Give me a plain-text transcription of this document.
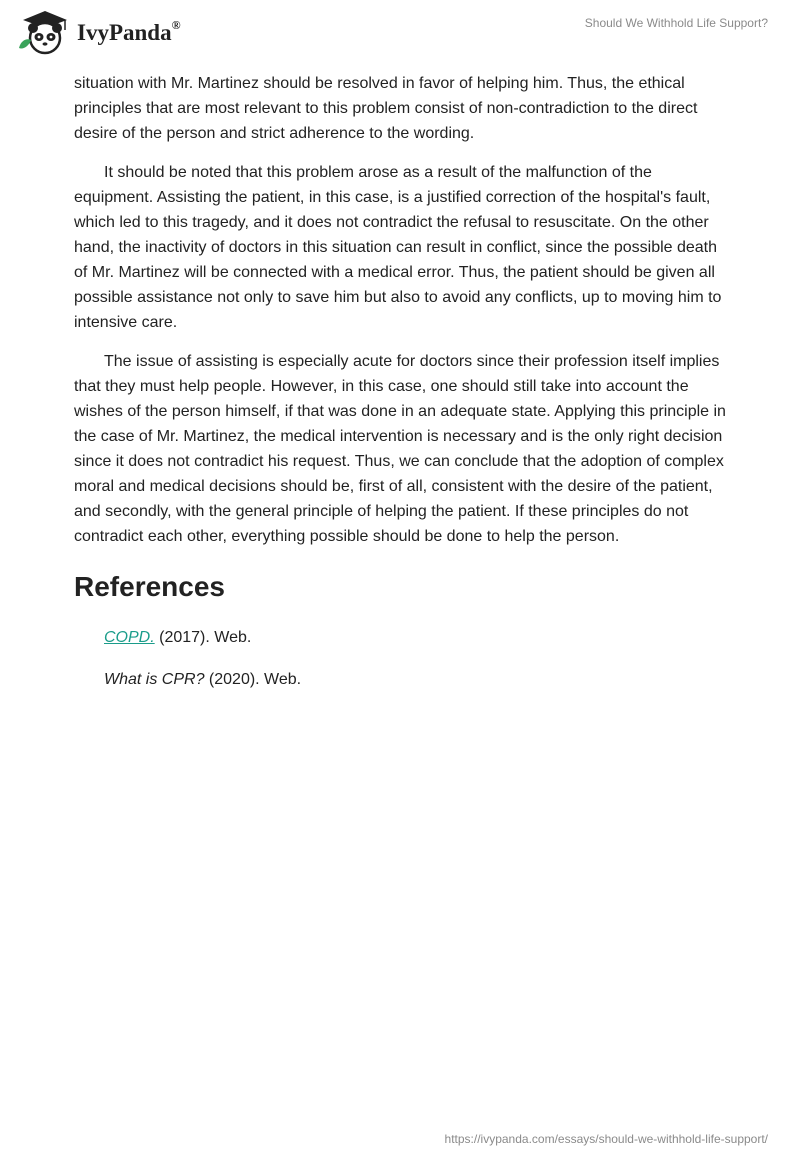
IvyPanda®	Should We Withhold Life Support?

situation with Mr. Martinez should be resolved in favor of helping him. Thus, the ethical principles that are most relevant to this problem consist of non-contradiction to the direct desire of the person and strict adherence to the wording.

It should be noted that this problem arose as a result of the malfunction of the equipment. Assisting the patient, in this case, is a justified correction of the hospital's fault, which led to this tragedy, and it does not contradict the refusal to resuscitate. On the other hand, the inactivity of doctors in this situation can result in conflict, since the possible death of Mr. Martinez will be connected with a medical error. Thus, the patient should be given all possible assistance not only to save him but also to avoid any conflicts, up to moving him to intensive care.

The issue of assisting is especially acute for doctors since their profession itself implies that they must help people. However, in this case, one should still take into account the wishes of the person himself, if that was done in an adequate state. Applying this principle in the case of Mr. Martinez, the medical intervention is necessary and is the only right decision since it does not contradict his request. Thus, we can conclude that the adoption of complex moral and medical decisions should be, first of all, consistent with the desire of the patient, and secondly, with the general principle of helping the patient. If these principles do not contradict each other, everything possible should be done to help the person.

References
COPD. (2017). Web.
What is CPR? (2020). Web.
https://ivypanda.com/essays/should-we-withhold-life-support/
